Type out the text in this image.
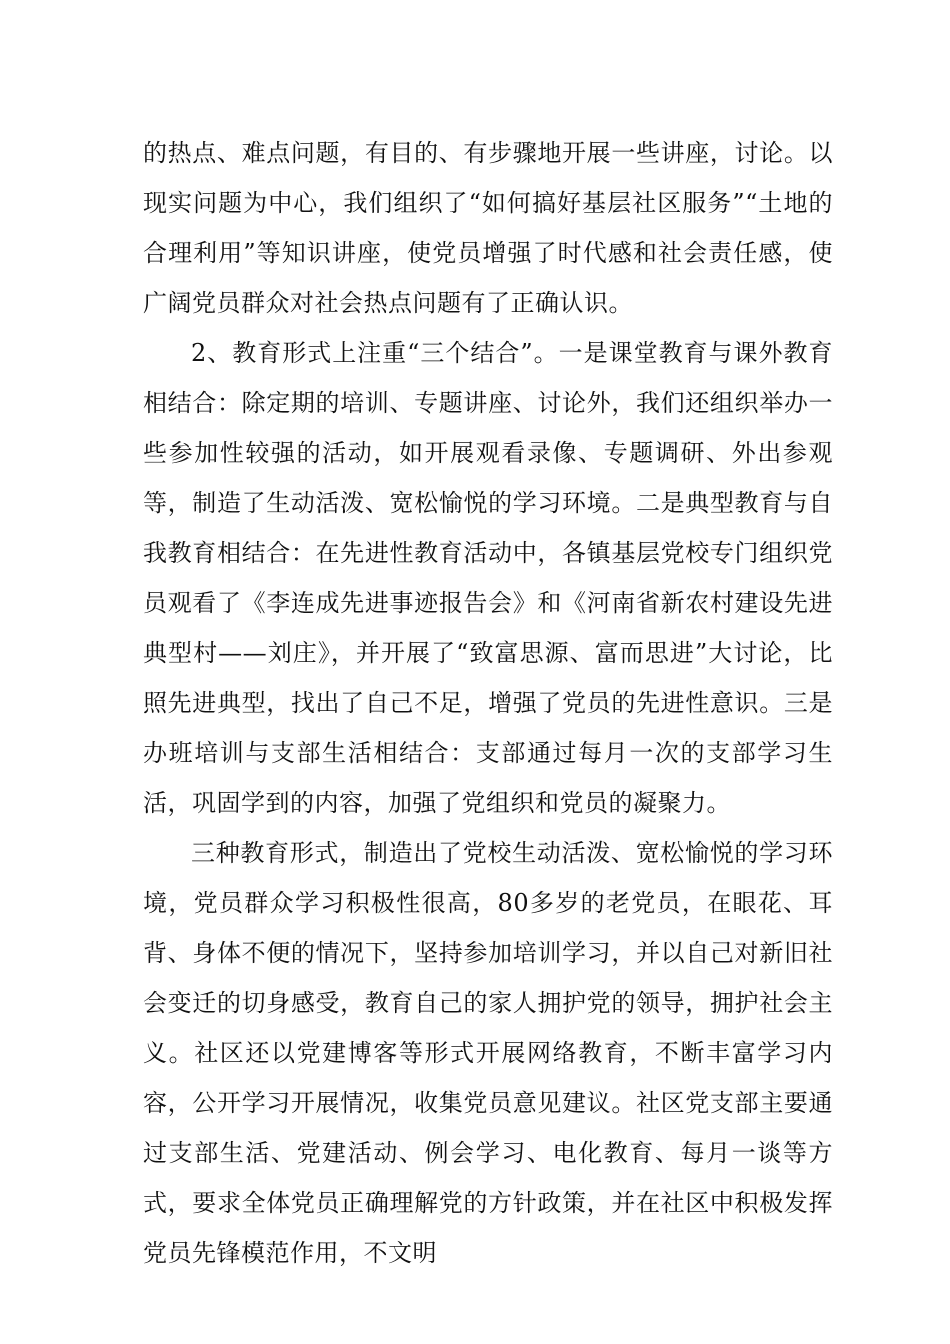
的热点、难点问题，有目的、有步骤地开展一些讲座，讨论。以现实问题为中心，我们组织了“如何搞好基层社区服务”“土地的合理利用”等知识讲座，使党员增强了时代感和社会责任感，使广阔党员群众对社会热点问题有了正确认识。

2、教育形式上注重“三个结合”。一是课堂教育与课外教育相结合：除定期的培训、专题讲座、讨论外，我们还组织举办一些参加性较强的活动，如开展观看录像、专题调研、外出参观等，制造了生动活泼、宽松愉悦的学习环境。二是典型教育与自我教育相结合：在先进性教育活动中，各镇基层党校专门组织党员观看了《李连成先进事迹报告会》和《河南省新农村建设先进典型村——刘庄》，并开展了“致富思源、富而思进”大讨论，比照先进典型，找出了自己不足，增强了党员的先进性意识。三是办班培训与支部生活相结合：支部通过每月一次的支部学习生活，巩固学到的内容，加强了党组织和党员的凝聚力。

三种教育形式，制造出了党校生动活泼、宽松愉悦的学习环境，党员群众学习积极性很高，80多岁的老党员，在眼花、耳背、身体不便的情况下，坚持参加培训学习，并以自己对新旧社会变迁的切身感受，教育自己的家人拥护党的领导，拥护社会主义。社区还以党建博客等形式开展网络教育，不断丰富学习内容，公开学习开展情况，收集党员意见建议。社区党支部主要通过支部生活、党建活动、例会学习、电化教育、每月一谈等方式，要求全体党员正确理解党的方针政策，并在社区中积极发挥党员先锋模范作用，不文明
